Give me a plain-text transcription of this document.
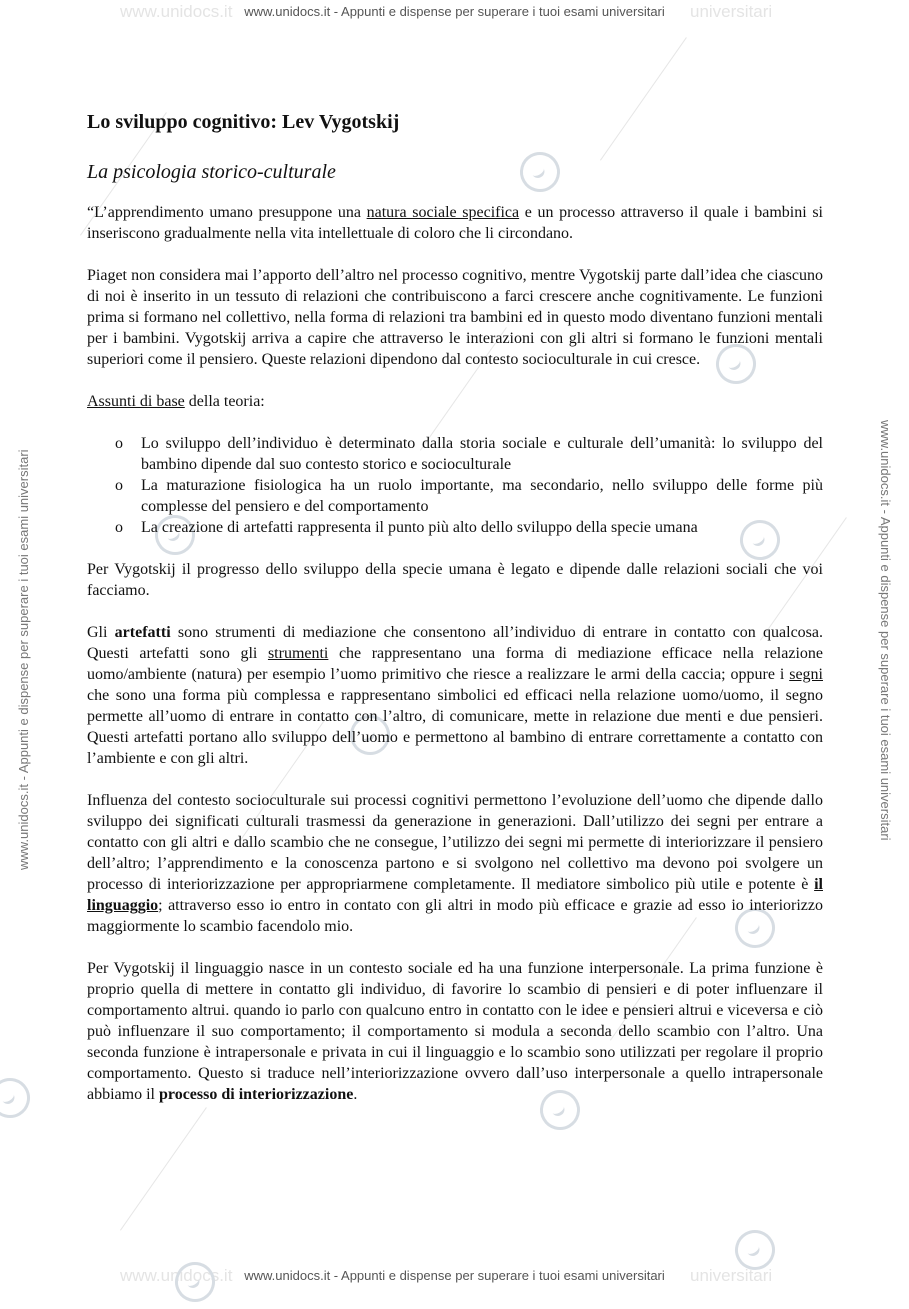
www.unidocs.it www.unidocs.it - Appunti e dispense per superare i tuoi esami universitari universitari
www.unidocs.it www.unidocs.it - Appunti e dispense per superare i tuoi esami universitari universitari
www.unidocs.it - Appunti e dispense per superare i tuoi esami universitari	www.unidocs.it - Appunti e dispense per superare i tuoi esami universitari
Lo sviluppo cognitivo: Lev Vygotskij
La psicologia storico-culturale

“L’apprendimento umano presuppone una natura sociale specifica e un processo attraverso il quale i bambini si inseriscono gradualmente nella vita intellettuale di coloro che li circondano.

Piaget non considera mai l’apporto dell’altro nel processo cognitivo, mentre Vygotskij parte dall’idea che ciascuno di noi è inserito in un tessuto di relazioni che contribuiscono a farci crescere anche cognitivamente. Le funzioni prima si formano nel collettivo, nella forma di relazioni tra bambini ed in questo modo diventano funzioni mentali per i bambini. Vygotskij arriva a capire che attraverso le interazioni con gli altri si formano le funzioni mentali superiori come il pensiero. Queste relazioni dipendono dal contesto socioculturale in cui cresce.

Assunti di base della teoria:

o Lo sviluppo dell’individuo è determinato dalla storia sociale e culturale dell’umanità: lo sviluppo del bambino dipende dal suo contesto storico e socioculturale
o La maturazione fisiologica ha un ruolo importante, ma secondario, nello sviluppo delle forme più complesse del pensiero e del comportamento
o La creazione di artefatti rappresenta il punto più alto dello sviluppo della specie umana

Per Vygotskij il progresso dello sviluppo della specie umana è legato e dipende dalle relazioni sociali che voi facciamo.

Gli artefatti sono strumenti di mediazione che consentono all’individuo di entrare in contatto con qualcosa. Questi artefatti sono gli strumenti che rappresentano una forma di mediazione efficace nella relazione uomo/ambiente (natura) per esempio l’uomo primitivo che riesce a realizzare le armi della caccia; oppure i segni che sono una forma più complessa e rappresentano simbolici ed efficaci nella relazione uomo/uomo, il segno permette all’uomo di entrare in contatto con l’altro, di comunicare, mette in relazione due menti e due pensieri. Questi artefatti portano allo sviluppo dell’uomo e permettono al bambino di entrare correttamente a contatto con l’ambiente e con gli altri.

Influenza del contesto socioculturale sui processi cognitivi permettono l’evoluzione dell’uomo che dipende dallo sviluppo dei significati culturali trasmessi da generazione in generazioni. Dall’utilizzo dei segni per entrare a contatto con gli altri e dallo scambio che ne consegue, l’utilizzo dei segni mi permette di interiorizzare il pensiero dell’altro; l’apprendimento e la conoscenza partono e si svolgono nel collettivo ma devono poi svolgere un processo di interiorizzazione per appropriarmene completamente. Il mediatore simbolico più utile e potente è il linguaggio; attraverso esso io entro in contato con gli altri in modo più efficace e grazie ad esso io interiorizzo maggiormente lo scambio facendolo mio.

Per Vygotskij il linguaggio nasce in un contesto sociale ed ha una funzione interpersonale. La prima funzione è proprio quella di mettere in contatto gli individuo, di favorire lo scambio di pensieri e di poter influenzare il comportamento altrui. quando io parlo con qualcuno entro in contatto con le idee e pensieri altrui e viceversa e ciò può influenzare il suo comportamento; il comportamento si modula a seconda dello scambio con l’altro. Una seconda funzione è intrapersonale e privata in cui il linguaggio e lo scambio sono utilizzati per regolare il proprio comportamento. Questo si traduce nell’interiorizzazione ovvero dall’uso interpersonale a quello intrapersonale abbiamo il processo di interiorizzazione.
